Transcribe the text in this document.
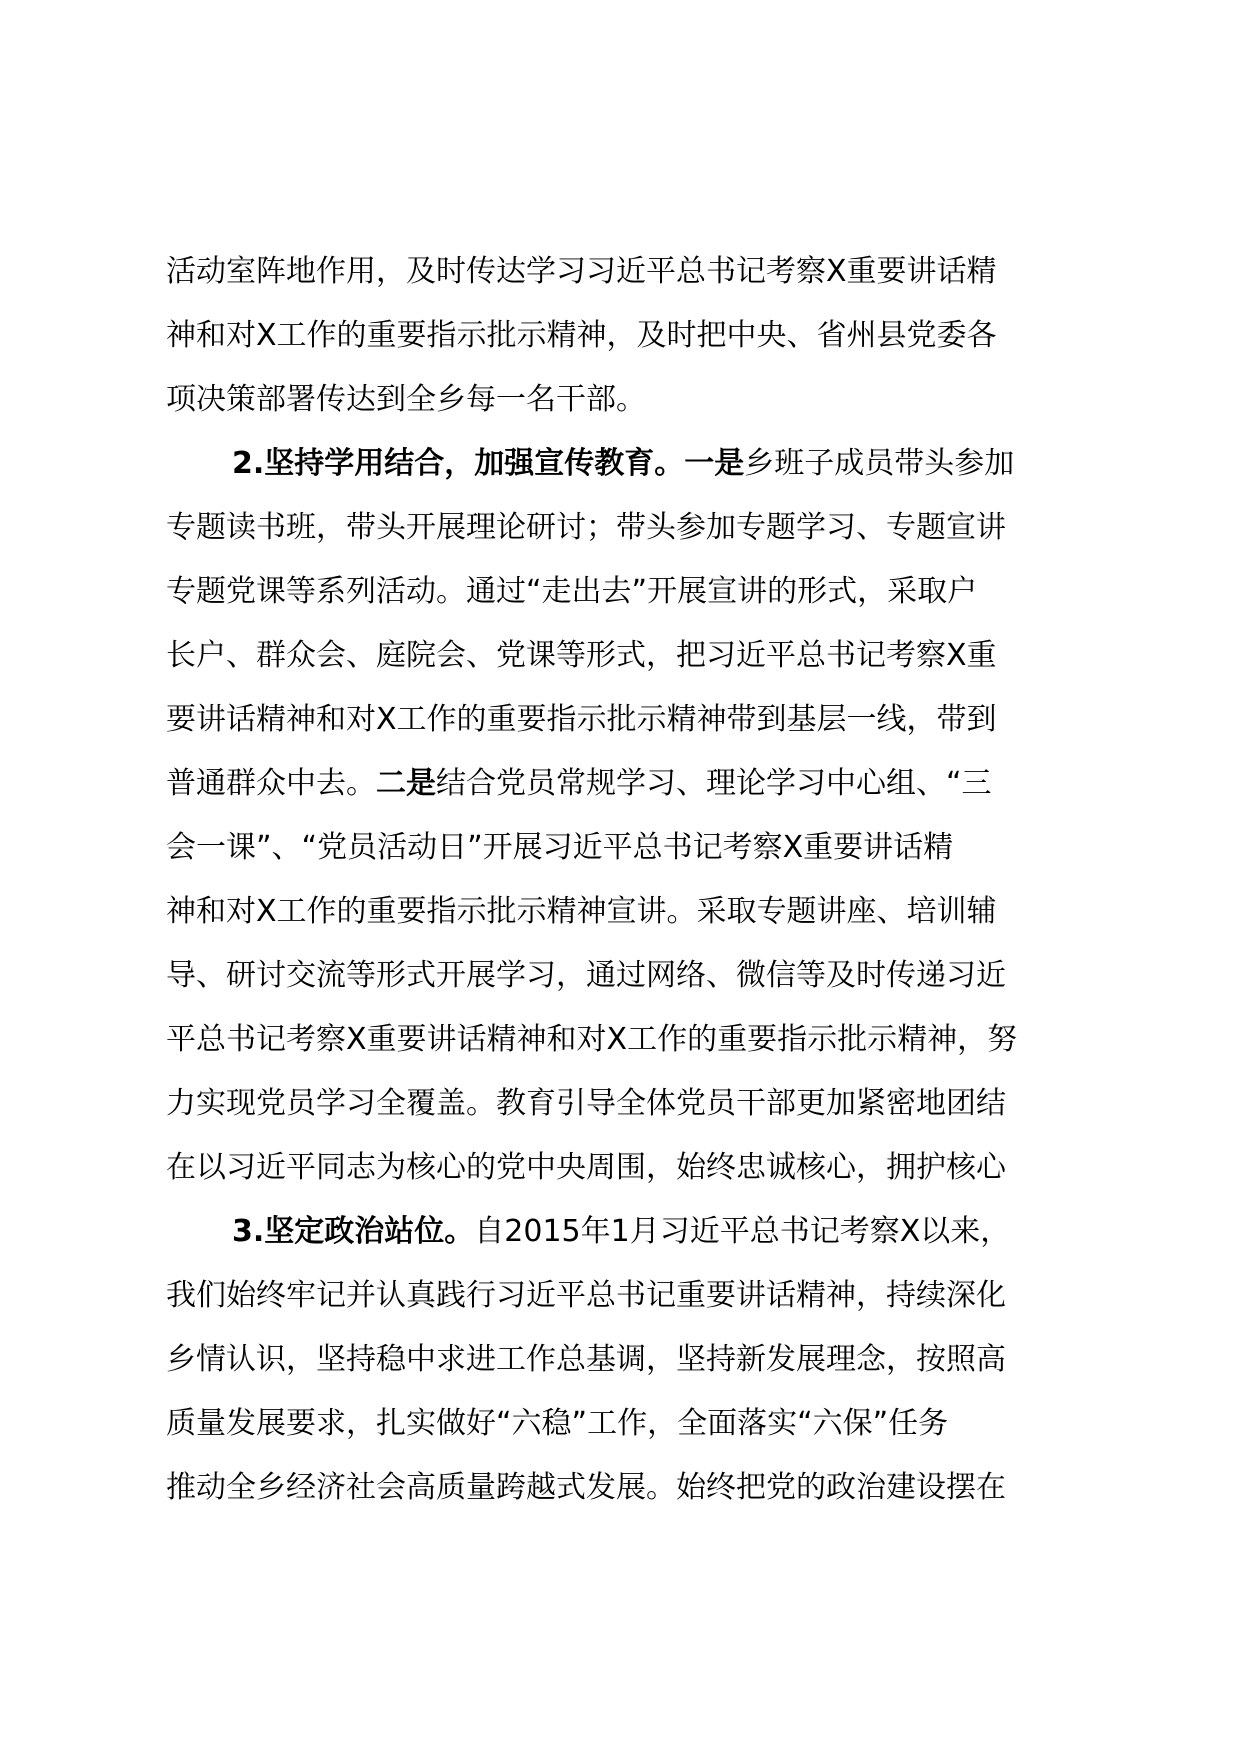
活动室阵地作用，及时传达学习习近平总书记考察X重要讲话精
神和对X工作的重要指示批示精神，及时把中央、省州县党委各
项决策部署传达到全乡每一名干部。
2.坚持学用结合，加强宣传教育。一是乡班子成员带头参加
专题读书班，带头开展理论研讨；带头参加专题学习、专题宣讲
专题党课等系列活动。通过“走出去”开展宣讲的形式，采取户
长户、群众会、庭院会、党课等形式，把习近平总书记考察X重
要讲话精神和对X工作的重要指示批示精神带到基层一线，带到
普通群众中去。二是结合党员常规学习、理论学习中心组、“三
会一课”、“党员活动日”开展习近平总书记考察X重要讲话精
神和对X工作的重要指示批示精神宣讲。采取专题讲座、培训辅
导、研讨交流等形式开展学习，通过网络、微信等及时传递习近
平总书记考察X重要讲话精神和对X工作的重要指示批示精神，努
力实现党员学习全覆盖。教育引导全体党员干部更加紧密地团结
在以习近平同志为核心的党中央周围，始终忠诚核心，拥护核心
3.坚定政治站位。自2015年1月习近平总书记考察X以来，
我们始终牢记并认真践行习近平总书记重要讲话精神，持续深化
乡情认识，坚持稳中求进工作总基调，坚持新发展理念，按照高
质量发展要求，扎实做好“六稳”工作，全面落实“六保”任务
推动全乡经济社会高质量跨越式发展。始终把党的政治建设摆在
